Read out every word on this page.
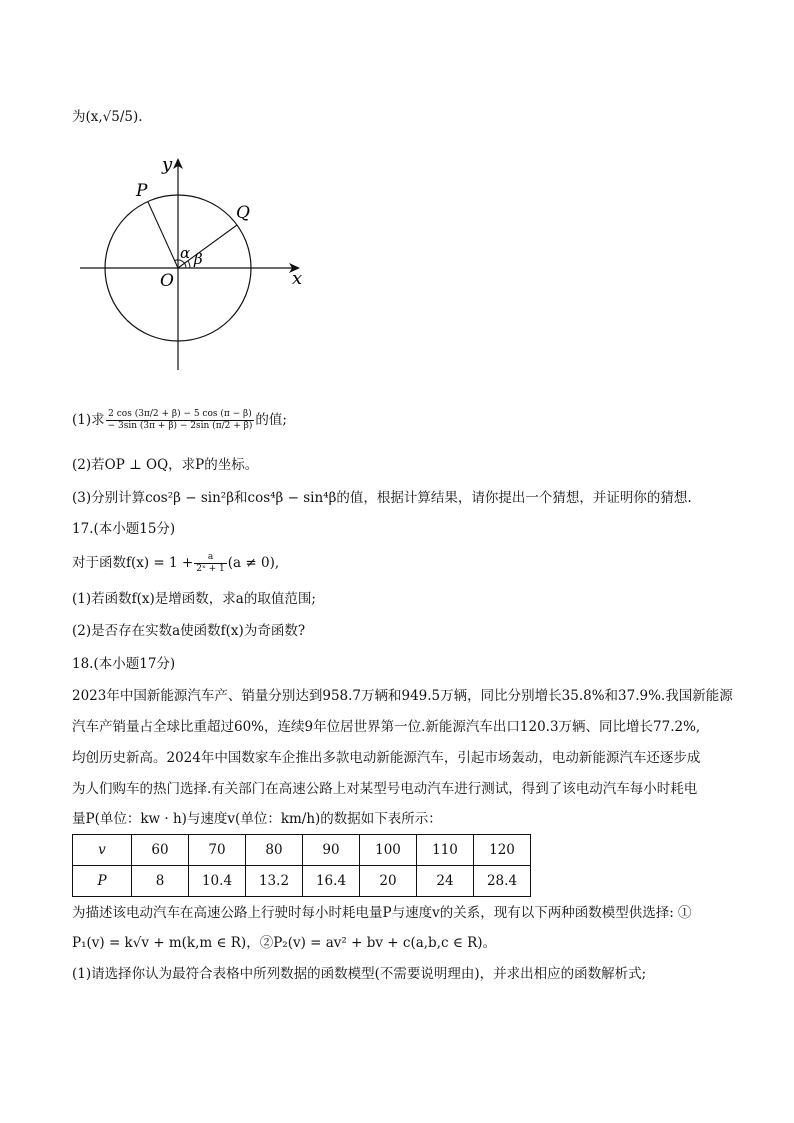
为(x,√5/5).
y
x
P
Q
O
α β
(1)求 $\frac{2 \cos (3\pi/2 + \beta) - 5 \cos (\pi - \beta)}{- 3\sin (3\pi + \beta) - 2\sin (\pi/2 + \beta)}$ 的值;
(2)若OP ⊥ OQ，求P的坐标。
(3)分别计算cos²β − sin²β和cos⁴β − sin⁴β的值，根据计算结果，请你提出一个猜想，并证明你的猜想.
17.(本小题15分)
对于函数$f(x) = 1 + \frac{a}{\text{2ˣ + 1}} (a \ne 0)$,
(1)若函数f(x)是增函数，求a的取值范围;
(2)是否存在实数a使函数f(x)为奇函数?
18.(本小题17分)
2023年中国新能源汽车产、销量分别达到958.7万辆和949.5万辆，同比分别增长35.8%和37.9%.我国新能源
汽车产销量占全球比重超过60%，连续9年位居世界第一位.新能源汽车出口120.3万辆、同比增长77.2%,
均创历史新高。2024年中国数家车企推出多款电动新能源汽车，引起市场轰动，电动新能源汽车还逐步成
为人们购车的热门选择.有关部门在高速公路上对某型号电动汽车进行测试，得到了该电动汽车每小时耗电
量P(单位：kw · h)与速度v(单位：km/h)的数据如下表所示：
v	60	70	80	90	100	110	120
P	8	10.4	13.2	16.4	20	24	28.4
为描述该电动汽车在高速公路上行驶时每小时耗电量P与速度v的关系，现有以下两种函数模型供选择: ①
P₁(v) = k√v + m(k,m ∈ R)，②P₂(v) = av² + bv + c(a,b,c ∈ R)。
(1)请选择你认为最符合表格中所列数据的函数模型(不需要说明理由)，并求出相应的函数解析式;
